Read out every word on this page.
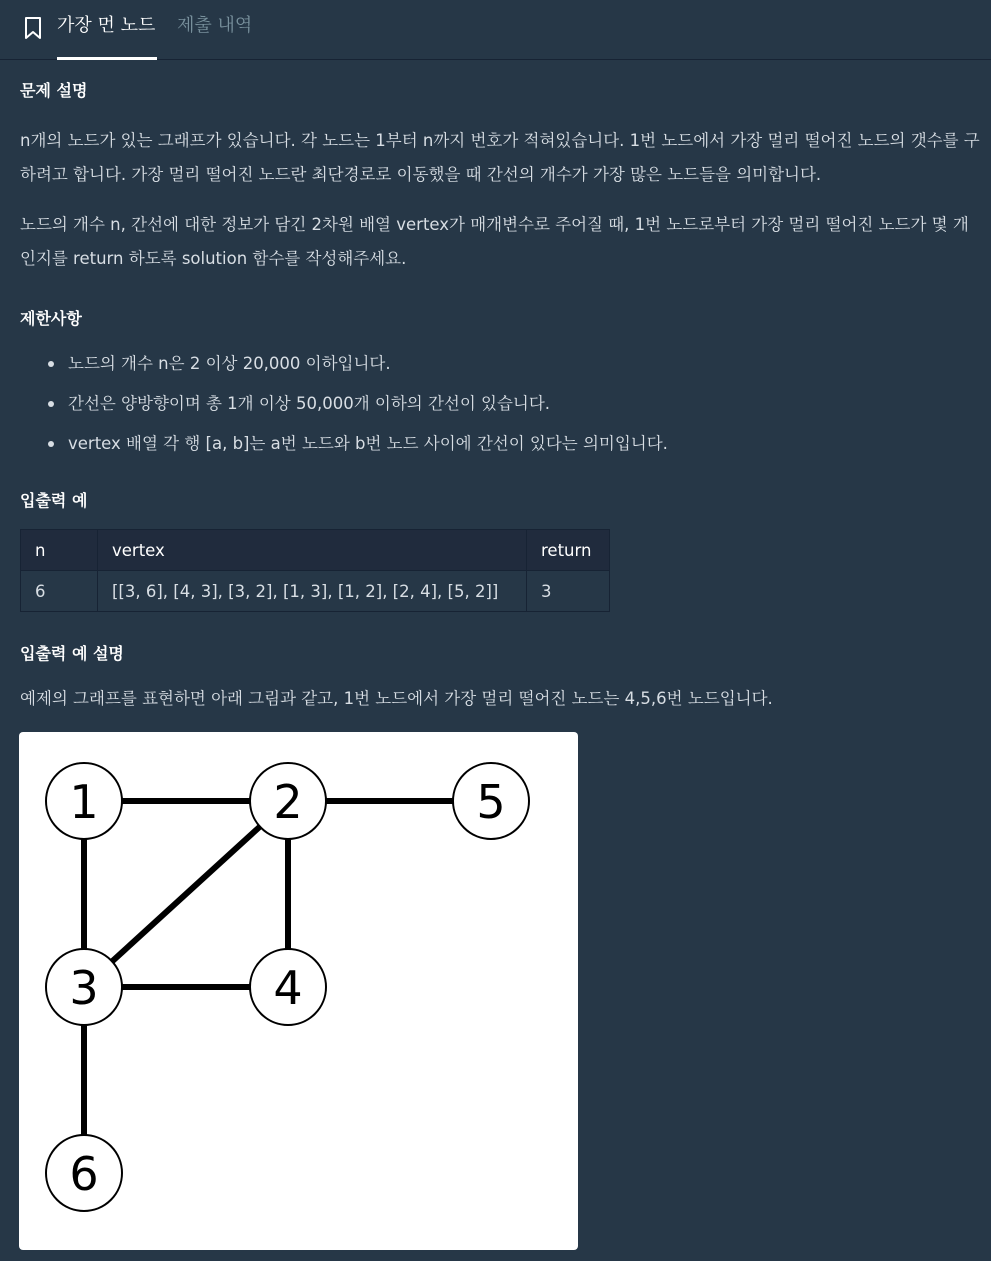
가장 먼 노드 제출 내역
문제 설명

n개의 노드가 있는 그래프가 있습니다. 각 노드는 1부터 n까지 번호가 적혀있습니다. 1번 노드에서 가장 멀리 떨어진 노드의 갯수를 구하려고 합니다. 가장 멀리 떨어진 노드란 최단경로로 이동했을 때 간선의 개수가 가장 많은 노드들을 의미합니다.

노드의 개수 n, 간선에 대한 정보가 담긴 2차원 배열 vertex가 매개변수로 주어질 때, 1번 노드로부터 가장 멀리 떨어진 노드가 몇 개인지를 return 하도록 solution 함수를 작성해주세요.

제한사항
노드의 개수 n은 2 이상 20,000 이하입니다.
간선은 양방향이며 총 1개 이상 50,000개 이하의 간선이 있습니다.
vertex 배열 각 행 [a, b]는 a번 노드와 b번 노드 사이에 간선이 있다는 의미입니다.
입출력 예
n	vertex	return
6	[[3, 6], [4, 3], [3, 2], [1, 3], [1, 2], [2, 4], [5, 2]]	3
입출력 예 설명

예제의 그래프를 표현하면 아래 그림과 같고, 1번 노드에서 가장 멀리 떨어진 노드는 4,5,6번 노드입니다.

1	2
3	4
5
6
